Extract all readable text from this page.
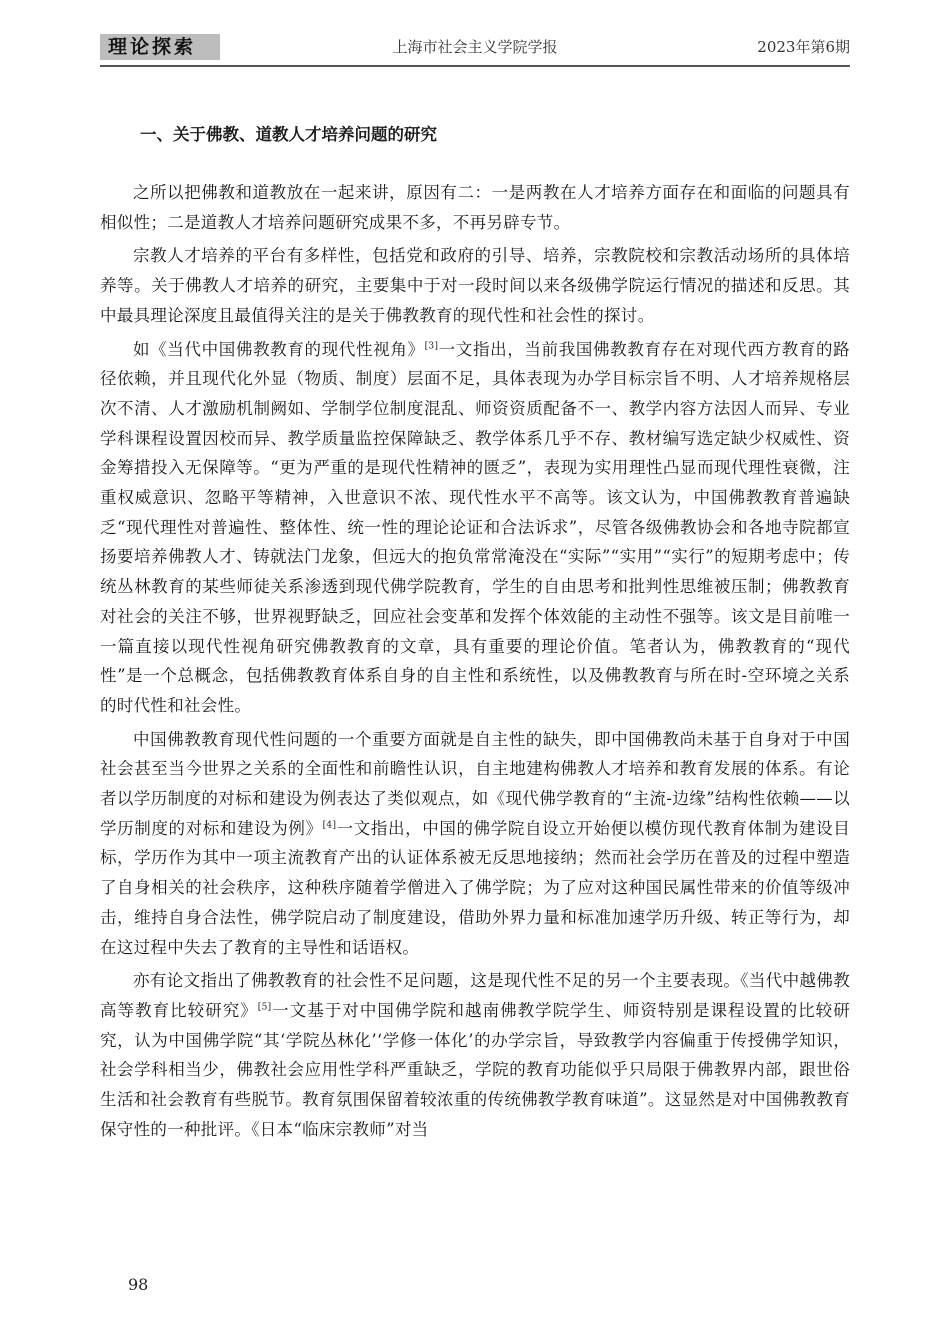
理论探索	上海市社会主义学院学报	2023年第6期
一、关于佛教、道教人才培养问题的研究

之所以把佛教和道教放在一起来讲，原因有二：一是两教在人才培养方面存在和面临的问题具有相似性；二是道教人才培养问题研究成果不多，不再另辟专节。

宗教人才培养的平台有多样性，包括党和政府的引导、培养，宗教院校和宗教活动场所的具体培养等。关于佛教人才培养的研究，主要集中于对一段时间以来各级佛学院运行情况的描述和反思。其中最具理论深度且最值得关注的是关于佛教教育的现代性和社会性的探讨。

如《当代中国佛教教育的现代性视角》[3]一文指出，当前我国佛教教育存在对现代西方教育的路径依赖，并且现代化外显（物质、制度）层面不足，具体表现为办学目标宗旨不明、人才培养规格层次不清、人才激励机制阙如、学制学位制度混乱、师资资质配备不一、教学内容方法因人而异、专业学科课程设置因校而异、教学质量监控保障缺乏、教学体系几乎不存、教材编写选定缺少权威性、资金筹措投入无保障等。“更为严重的是现代性精神的匮乏”，表现为实用理性凸显而现代理性衰微，注重权威意识、忽略平等精神，入世意识不浓、现代性水平不高等。该文认为，中国佛教教育普遍缺乏“现代理性对普遍性、整体性、统一性的理论论证和合法诉求”，尽管各级佛教协会和各地寺院都宣扬要培养佛教人才、铸就法门龙象，但远大的抱负常常淹没在“实际”“实用”“实行”的短期考虑中；传统丛林教育的某些师徒关系渗透到现代佛学院教育，学生的自由思考和批判性思维被压制；佛教教育对社会的关注不够，世界视野缺乏，回应社会变革和发挥个体效能的主动性不强等。该文是目前唯一一篇直接以现代性视角研究佛教教育的文章，具有重要的理论价值。笔者认为，佛教教育的“现代性”是一个总概念，包括佛教教育体系自身的自主性和系统性，以及佛教教育与所在时-空环境之关系的时代性和社会性。

中国佛教教育现代性问题的一个重要方面就是自主性的缺失，即中国佛教尚未基于自身对于中国社会甚至当今世界之关系的全面性和前瞻性认识，自主地建构佛教人才培养和教育发展的体系。有论者以学历制度的对标和建设为例表达了类似观点，如《现代佛学教育的“主流-边缘”结构性依赖——以学历制度的对标和建设为例》[4]一文指出，中国的佛学院自设立开始便以模仿现代教育体制为建设目标，学历作为其中一项主流教育产出的认证体系被无反思地接纳；然而社会学历在普及的过程中塑造了自身相关的社会秩序，这种秩序随着学僧进入了佛学院；为了应对这种国民属性带来的价值等级冲击，维持自身合法性，佛学院启动了制度建设，借助外界力量和标准加速学历升级、转正等行为，却在这过程中失去了教育的主导性和话语权。

亦有论文指出了佛教教育的社会性不足问题，这是现代性不足的另一个主要表现。《当代中越佛教高等教育比较研究》[5]一文基于对中国佛学院和越南佛教学院学生、师资特别是课程设置的比较研究，认为中国佛学院“其‘学院丛林化’‘学修一体化’的办学宗旨，导致教学内容偏重于传授佛学知识，社会学科相当少，佛教社会应用性学科严重缺乏，学院的教育功能似乎只局限于佛教界内部，跟世俗生活和社会教育有些脱节。教育氛围保留着较浓重的传统佛教学教育味道”。这显然是对中国佛教教育保守性的一种批评。《日本“临床宗教师”对当

98
